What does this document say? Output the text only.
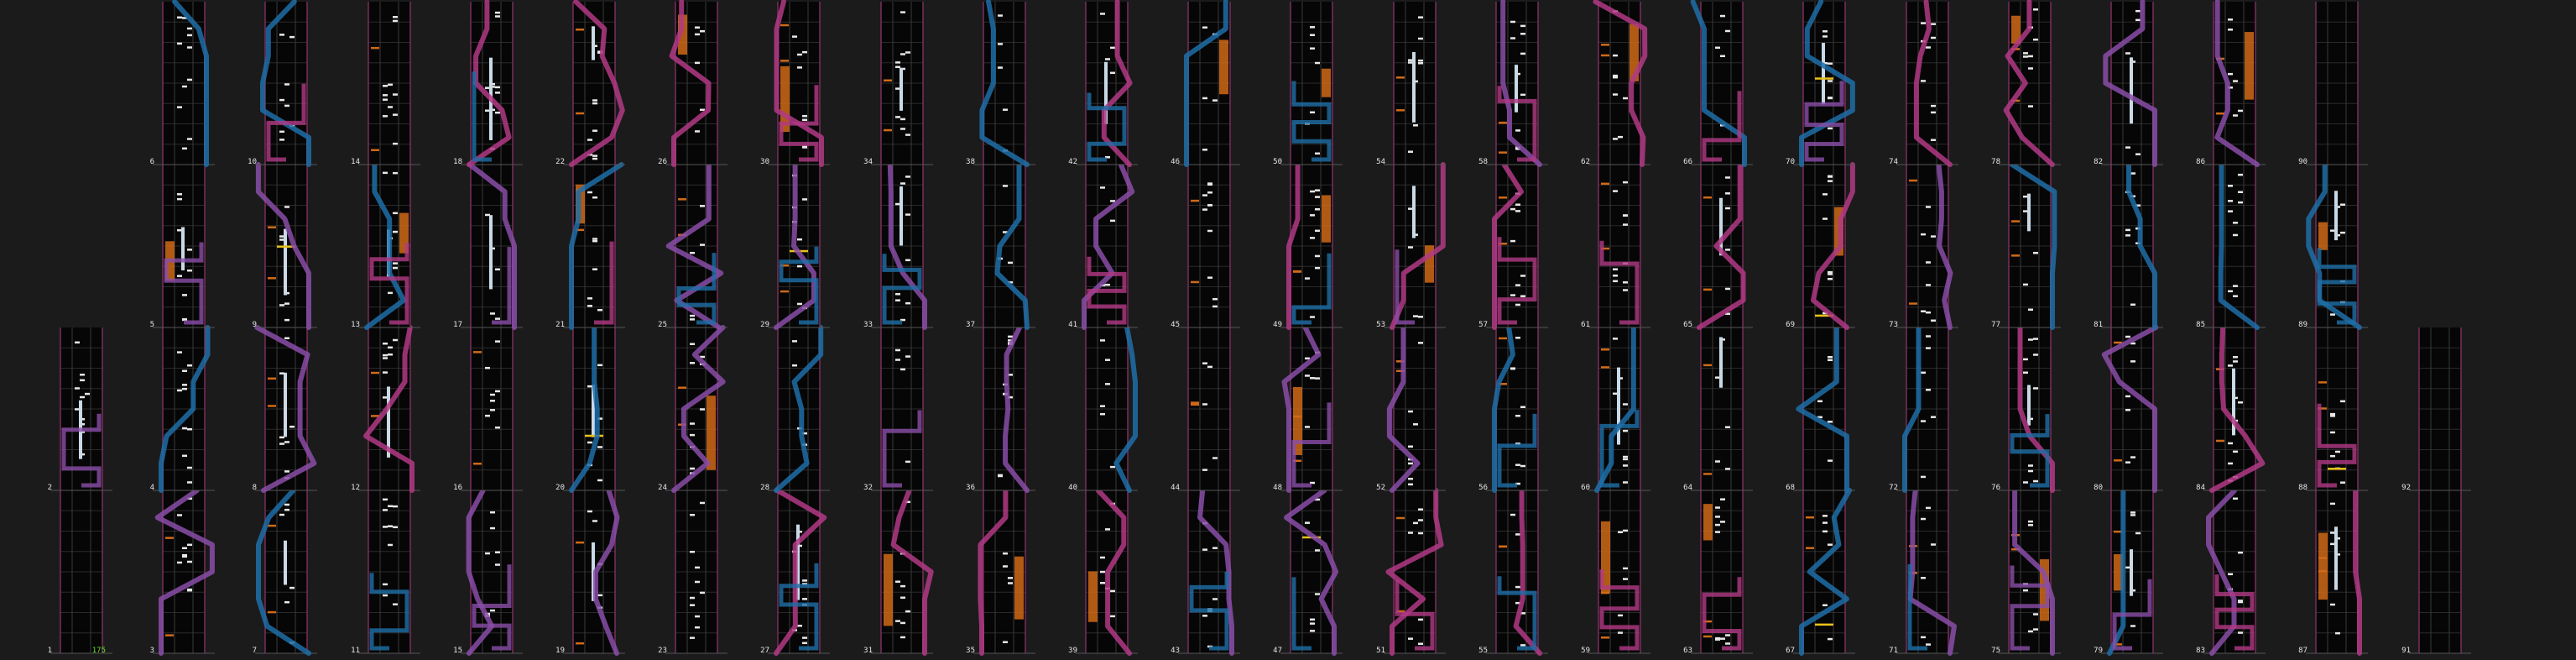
1
2
3
4
5
6
7
8
9
10
11
12
13
14
15
16
17
18
19
20
21
22
23
24
25
26
27
28
29
30
31
32
33
34
35
36
37
38
39
40
41
42
43
44
45
46
47
48
49
50
51
52
53
54
55
56
57
58
59
60
61
62
63
64
65
66
67
68
69
70
71
72
73
74
75
76
77
78
79
80
81
82
83
84
85
86
87
88
89
90
91
92
175
